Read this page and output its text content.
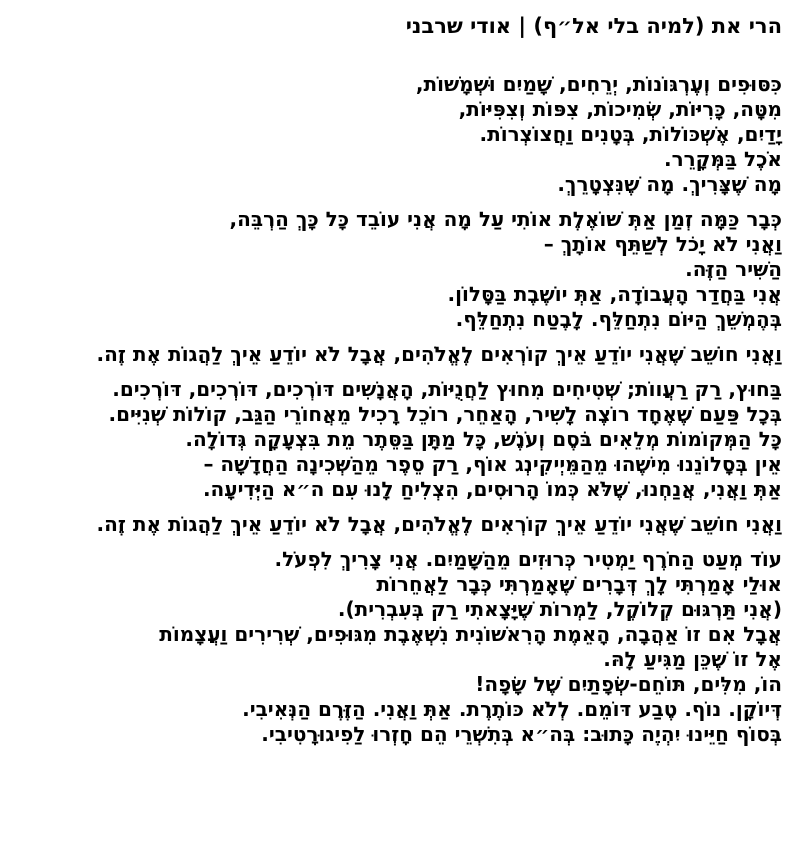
הרי את (למיה בלי אל״ף) | אודי שרבני
כִּסּוּפִים וְעֶרְגּוֹנוֹת, יְרֵחִים, שָׁמַיִם וּשְׁמָשׁוֹת,
מִטָּה, כָּרִיּוֹת, שְׂמִיכוֹת, צִפּוֹת וְצִפִּיּוֹת,
יָדַיִם, אֶשְׁכּוֹלוֹת, בְּטָנִים וַחֲצוֹצְרוֹת.
אֹכֶל בַּמְּקָרֵר.
מָה שֶׁצָּרִיךְ. מָה שֶׁנִּצְטָרֵךְ.
כְּבָר כַּמָּה זְמַן אַתְּ שׁוֹאֶלֶת אוֹתִי עַל מָה אֲנִי עוֹבֵד כָּל כָּךְ הַרְבֵּה,
וַאֲנִי לֹא יָכֹל לְשַׁתֵּף אוֹתָךְ –
הַשִּׁיר הַזֶּה.
אֲנִי בַּחֲדַר הָעֲבוֹדָה, אַתְּ יוֹשֶׁבֶת בַּסָּלוֹן.
בְּהֶמְשֵׁךְ הַיּוֹם נִתְחַלֵּף. לָבֶטַח נִתְחַלֵּף.
וַאֲנִי חוֹשֵׁב שֶׁאֲנִי יוֹדֵעַ אֵיךְ קוֹרְאִים לֶאֱלֹהִים, אֲבָל לֹא יוֹדֵעַ אֵיךְ לַהֲגוֹת אֶת זֶה.
בַּחוּץ, רַק רַעֲווֹת; שְׁטִיחִים מִחוּץ לַחֲנֻיּוֹת, הָאֲנָשִׁים דּוֹרְכִים, דּוֹרְכִים, דּוֹרְכִים.
בְּכָל פַּעַם שֶׁאֶחָד רוֹצֶה לָשִׁיר, הָאַחֵר, רוֹכֵל רָכִיל מֵאֲחוֹרֵי הַגַּב, קוֹלוֹת שְׁנִיִּים.
כָּל הַמְּקוֹמוֹת מְלֵאִים בֹּסֶם וְעֹנֶשׁ, כָּל מַתָּן בַּסֵּתֶר מֵת בִּצְעָקָה גְּדוֹלָה.
אֵין בְּסָלוֹנֵנוּ מִישֶׁהוּ מֵהַמֵּיְיקִינְג אוֹף, רַק סֵפֶר מֵהַשְּׁכִינָה הַחֲדָשָׁה –
אַתְּ וַאֲנִי, אֲנַחְנוּ, שֶׁלֹּא כְּמוֹ הָרוּסִים, הִצְלִיחַ לָנוּ עִם ה״א הַיְּדִיעָה.
וַאֲנִי חוֹשֵׁב שֶׁאֲנִי יוֹדֵעַ אֵיךְ קוֹרְאִים לֶאֱלֹהִים, אֲבָל לֹא יוֹדֵעַ אֵיךְ לַהֲגוֹת אֶת זֶה.
עוֹד מְעַט הַחֹרֶף יַמְטִיר כְּרוּזִים מֵהַשָּׁמַיִם. אֲנִי צָרִיךְ לִפְעֹל.
אוּלַי אָמַרְתִּי לָךְ דְּבָרִים שֶׁאָמַרְתִּי כְּבָר לַאֲחֵרוֹת
(אֲנִי תַּרְגּוּם קְלוֹקֶל, לַמְרוֹת שֶׁיָּצָאתִי רַק בְּעִבְרִית).
אֲבָל אִם זוֹ אַהֲבָה, הָאֵמֶת הָרִאשׁוֹנִית נִשְׁאֶבֶת מִגּוּפִים, שְׁרִירִים וַעֲצָמוֹת
אֶל זוֹ שֶׁכֵּן מַגִּיעַ לָהּ.
הוֹ, מִלִּים, תּוֹחֵם-שְׂפָתַיִם שֶׁל שָׂפָה!
דְּיוֹקָן. נוֹף. טֶבַע דּוֹמֵם. לְלֹא כּוֹתֶרֶת. אַתְּ וַאֲנִי. הַזֶּרֶם הַנְּאִיבִי.
בְּסוֹף חַיֵּינוּ יִהְיֶה כָּתוּב: בְּה״א בְּתִשְׁרֵי הֵם חָזְרוּ לַפִיגוּרָטִיבִי.
